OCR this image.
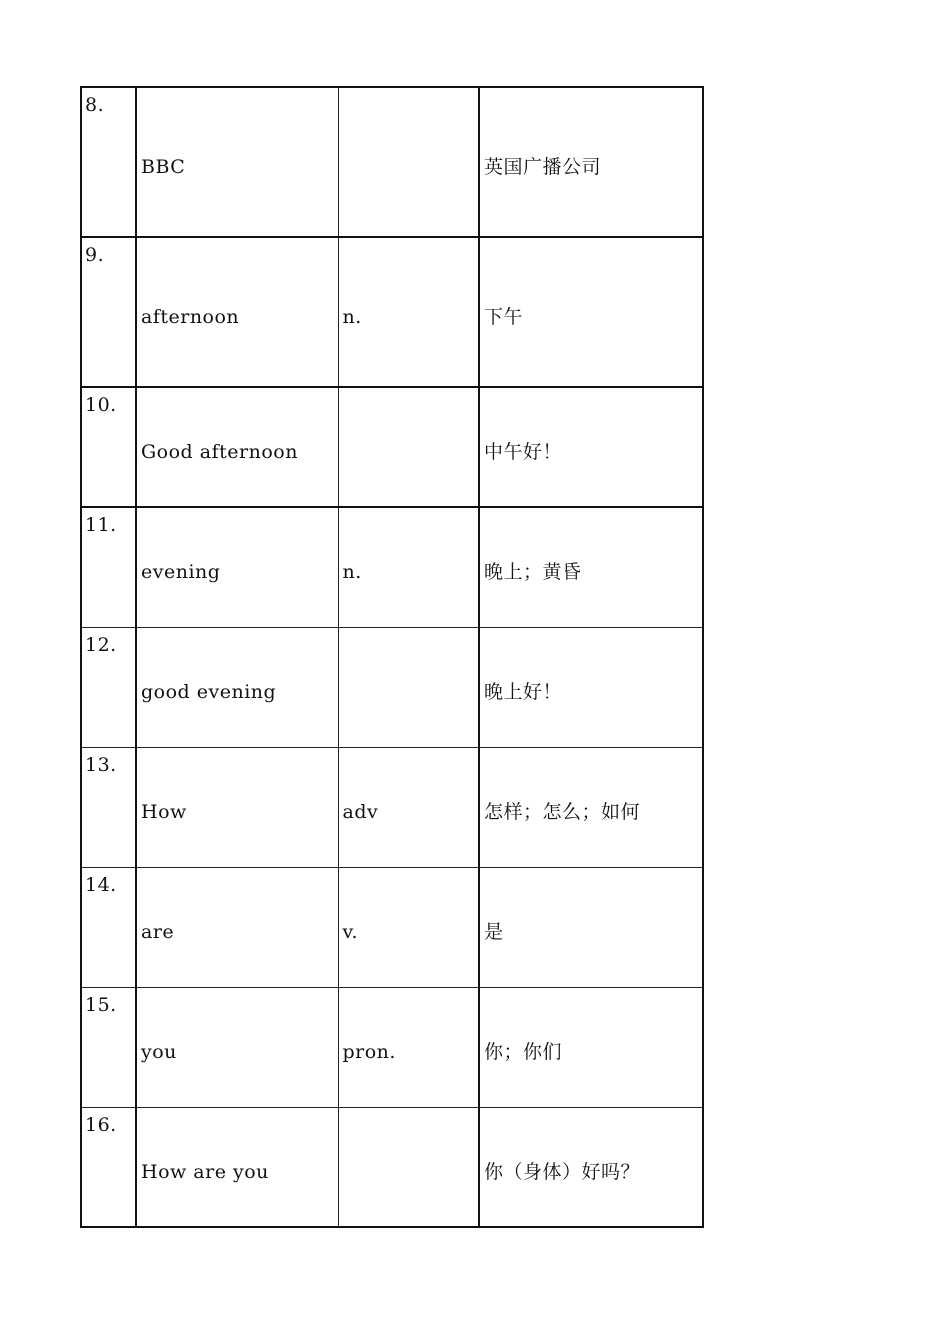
8.	BBC		英国广播公司

9.	afternoon	n.	下午

10.	Good afternoon		中午好！

11.	evening	n.	晚上；黄昏

12.	good evening		晚上好！

13.	How	adv	怎样；怎么；如何

14.	are	v.	是

15.	you	pron.	你；你们

16.	How are you		你（身体）好吗？
